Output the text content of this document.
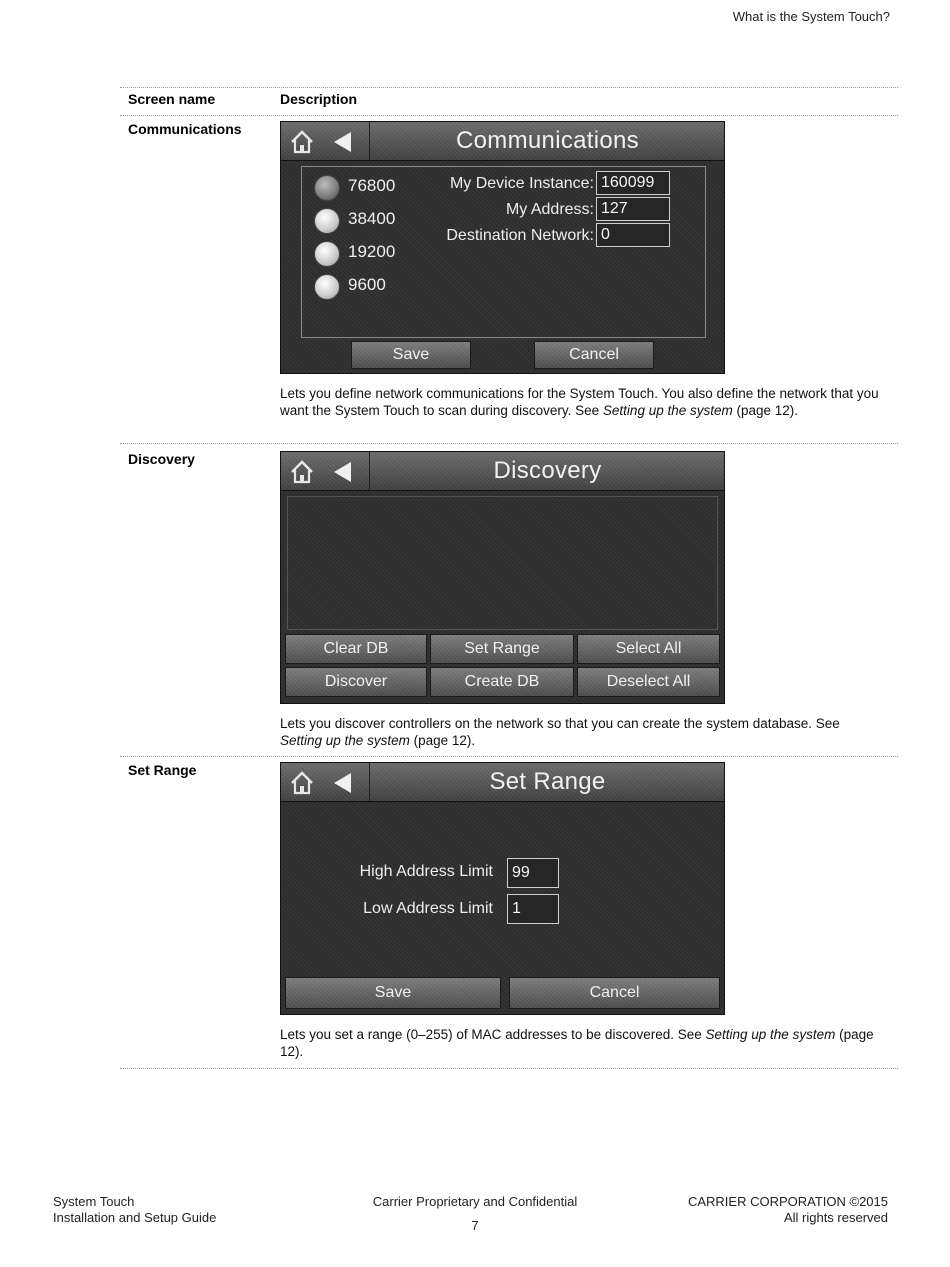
What is the System Touch?
Screen name	Description
Communications	Communications
76800
38400
19200
9600
My Device Instance: 160099
My Address: 127
Destination Network: 0
Save	Cancel
Lets you define network communications for the System Touch. You also define the network that you want the System Touch to scan during discovery. See Setting up the system (page 12).
Discovery	Discovery
Clear DB	Set Range	Select All
Discover	Create DB	Deselect All
Lets you discover controllers on the network so that you can create the system database. See Setting up the system (page 12).
Set Range	Set Range
High Address Limit	99
Low Address Limit	1
Save	Cancel
Lets you set a range (0–255) of MAC addresses to be discovered. See Setting up the system (page 12).
System Touch
Installation and Setup Guide
Carrier Proprietary and Confidential
7
CARRIER CORPORATION ©2015
All rights reserved
